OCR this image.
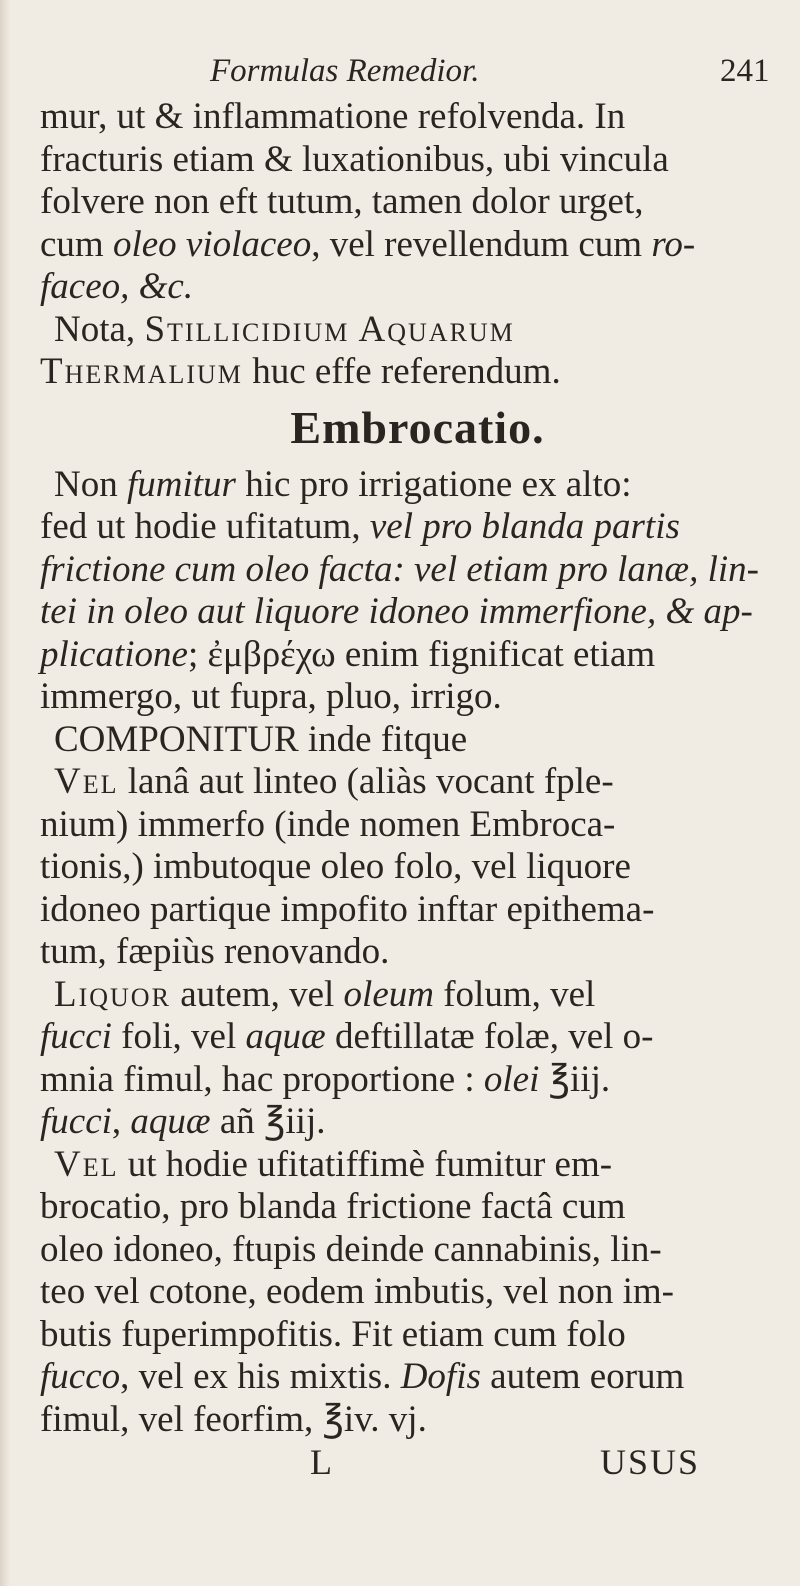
Formulas Remedior.	241

mur, ut & inflammatione refolvenda. In

fracturis etiam & luxationibus, ubi vincula

folvere non eft tutum, tamen dolor urget,

cum oleo violaceo, vel revellendum cum ro-

faceo, &c.

Nota, Stillicidium Aquarum

Thermalium huc effe referendum.

Embrocatio.

Non fumitur hic pro irrigatione ex alto:

fed ut hodie ufitatum, vel pro blanda partis

frictione cum oleo facta: vel etiam pro lanæ, lin-

tei in oleo aut liquore idoneo immerfione, & ap-

plicatione; ἐμβρέχω enim fignificat etiam

immergo, ut fupra, pluo, irrigo.

COMPONITUR inde fitque

Vel lanâ aut linteo (aliàs vocant fple-

nium) immerfo (inde nomen Embroca-

tionis,) imbutoque oleo folo, vel liquore

idoneo partique impofito inftar epithema-

tum, fæpiùs renovando.

Liquor autem, vel oleum folum, vel

fucci foli, vel aquæ deftillatæ folæ, vel o-

mnia fimul, hac proportione : olei ℥iij.

fucci, aquæ añ ℥iij.

Vel ut hodie ufitatiffimè fumitur em-

brocatio, pro blanda frictione factâ cum

oleo idoneo, ftupis deinde cannabinis, lin-

teo vel cotone, eodem imbutis, vel non im-

butis fuperimpofitis. Fit etiam cum folo

fucco, vel ex his mixtis. Dofis autem eorum

fimul, vel feorfim, ℥iv. vj.

L	USUS
